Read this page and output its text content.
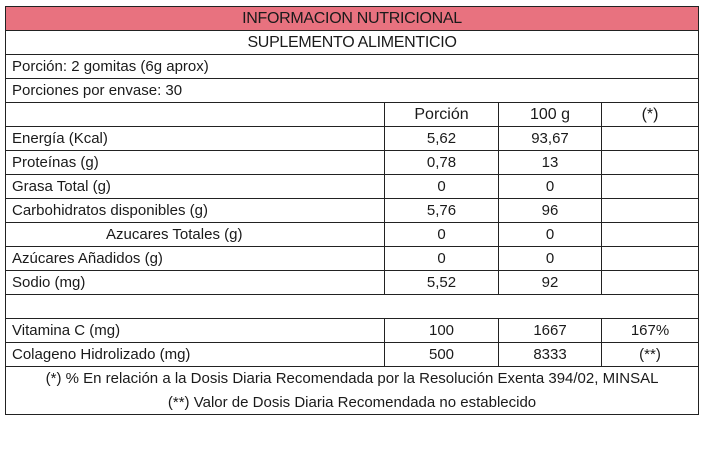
INFORMACION NUTRICIONAL			
SUPLEMENTO ALIMENTICIO			
Porción: 2 gomitas (6g aprox)			
Porciones por envase: 30			
	Porción	100 g	(*)
Energía (Kcal)	5,62	93,67	
Proteínas (g)	0,78	13	
Grasa Total (g)	0	0	
Carbohidratos disponibles (g)	5,76	96	
Azucares Totales (g)	0	0	
Azúcares Añadidos (g)	0	0	
Sodio (mg)	5,52	92	

Vitamina C (mg)	100	1667	167%
Colageno Hidrolizado (mg)	500	8333	(**)

(*) % En relación a la Dosis Diaria Recomendada por la Resolución Exenta 394/02, MINSAL
(**) Valor de Dosis Diaria Recomendada no establecido			
